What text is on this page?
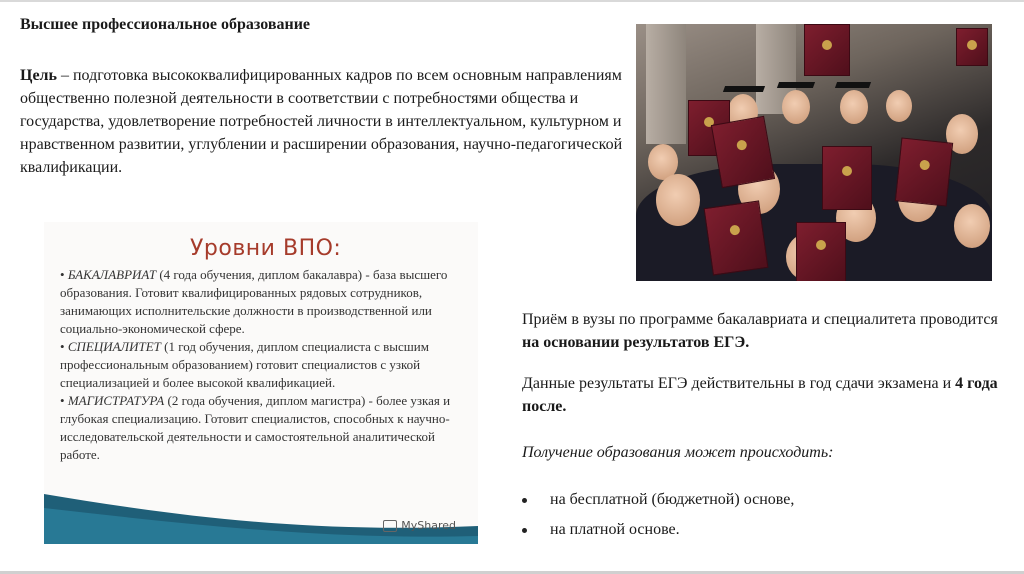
Высшее профессиональное образование
Цель – подготовка высококвалифицированных кадров по всем основным направлениям общественно полезной деятельности в соответствии с потребностями общества и государства, удовлетворение потребностей личности в интеллектуальном, культурном и нравственном развитии, углублении и расширении образования, научно-педагогической квалификации.
Уровни ВПО:
• БАКАЛАВРИАТ (4 года обучения, диплом бакалавра) - база высшего образования. Готовит квалифицированных рядовых сотрудников, занимающих исполнительские должности в производственной или социально-экономической сфере.
• СПЕЦИАЛИТЕТ (1 год обучения, диплом специалиста с высшим профессиональным образованием) готовит специалистов с узкой специализацией и более высокой квалификацией.
• МАГИСТРАТУРА (2 года обучения, диплом магистра) - более узкая и глубокая специализацию. Готовит специалистов, способных к научно-исследовательской деятельности и самостоятельной аналитической работе.
MyShared

Приём в вузы по программе бакалавриата и специалитета проводится на основании результатов ЕГЭ.

Данные результаты ЕГЭ действительны в год сдачи экзамена и 4 года после.

Получение образования может происходить:

на бесплатной (бюджетной) основе,
на платной основе.
